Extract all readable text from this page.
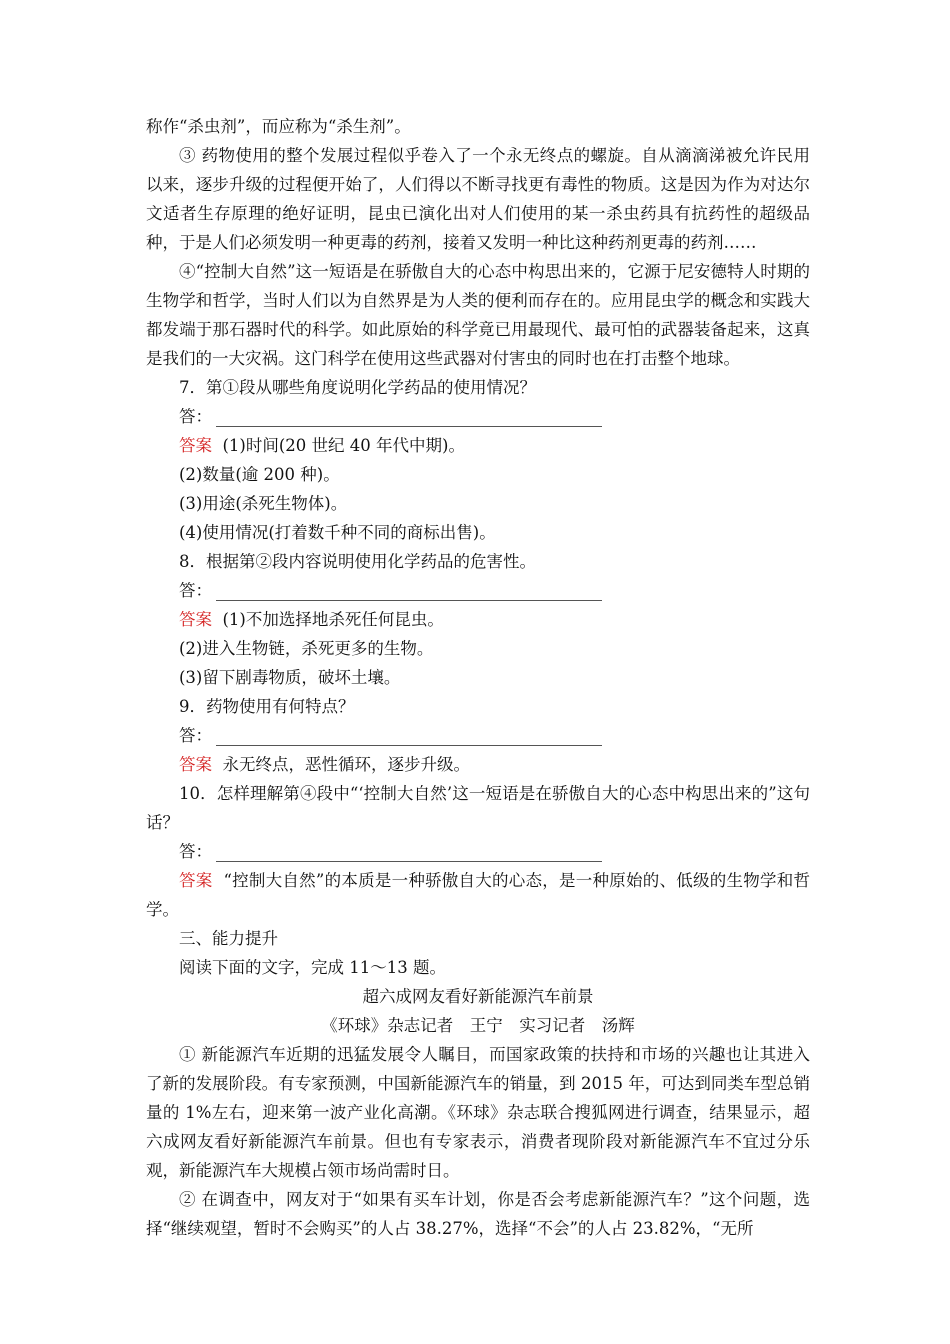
称作“杀虫剂”，而应称为“杀生剂”。

③ 药物使用的整个发展过程似乎卷入了一个永无终点的螺旋。自从滴滴涕被允许民用以来，逐步升级的过程便开始了，人们得以不断寻找更有毒性的物质。这是因为作为对达尔文适者生存原理的绝好证明，昆虫已演化出对人们使用的某一杀虫药具有抗药性的超级品种，于是人们必须发明一种更毒的药剂，接着又发明一种比这种药剂更毒的药剂……

④“控制大自然”这一短语是在骄傲自大的心态中构思出来的，它源于尼安德特人时期的生物学和哲学，当时人们以为自然界是为人类的便利而存在的。应用昆虫学的概念和实践大都发端于那石器时代的科学。如此原始的科学竟已用最现代、最可怕的武器装备起来，这真是我们的一大灾祸。这门科学在使用这些武器对付害虫的同时也在打击整个地球。

7．第①段从哪些角度说明化学药品的使用情况？

答：

答案 (1)时间(20 世纪 40 年代中期)。

(2)数量(逾 200 种)。

(3)用途(杀死生物体)。

(4)使用情况(打着数千种不同的商标出售)。

8．根据第②段内容说明使用化学药品的危害性。

答：

答案 (1)不加选择地杀死任何昆虫。

(2)进入生物链，杀死更多的生物。

(3)留下剧毒物质，破坏土壤。

9．药物使用有何特点？

答：

答案 永无终点，恶性循环，逐步升级。

10．怎样理解第④段中“‘控制大自然’这一短语是在骄傲自大的心态中构思出来的”这句话？

答：

答案 “控制大自然”的本质是一种骄傲自大的心态，是一种原始的、低级的生物学和哲学。

三、能力提升

阅读下面的文字，完成 11～13 题。

超六成网友看好新能源汽车前景

《环球》杂志记者　王宁　实习记者　汤辉

① 新能源汽车近期的迅猛发展令人瞩目，而国家政策的扶持和市场的兴趣也让其进入了新的发展阶段。有专家预测，中国新能源汽车的销量，到 2015 年，可达到同类车型总销量的 1%左右，迎来第一波产业化高潮。《环球》杂志联合搜狐网进行调查，结果显示，超六成网友看好新能源汽车前景。但也有专家表示，消费者现阶段对新能源汽车不宜过分乐观，新能源汽车大规模占领市场尚需时日。

② 在调查中，网友对于“如果有买车计划，你是否会考虑新能源汽车？”这个问题，选择“继续观望，暂时不会购买”的人占 38.27%，选择“不会”的人占 23.82%，“无所
